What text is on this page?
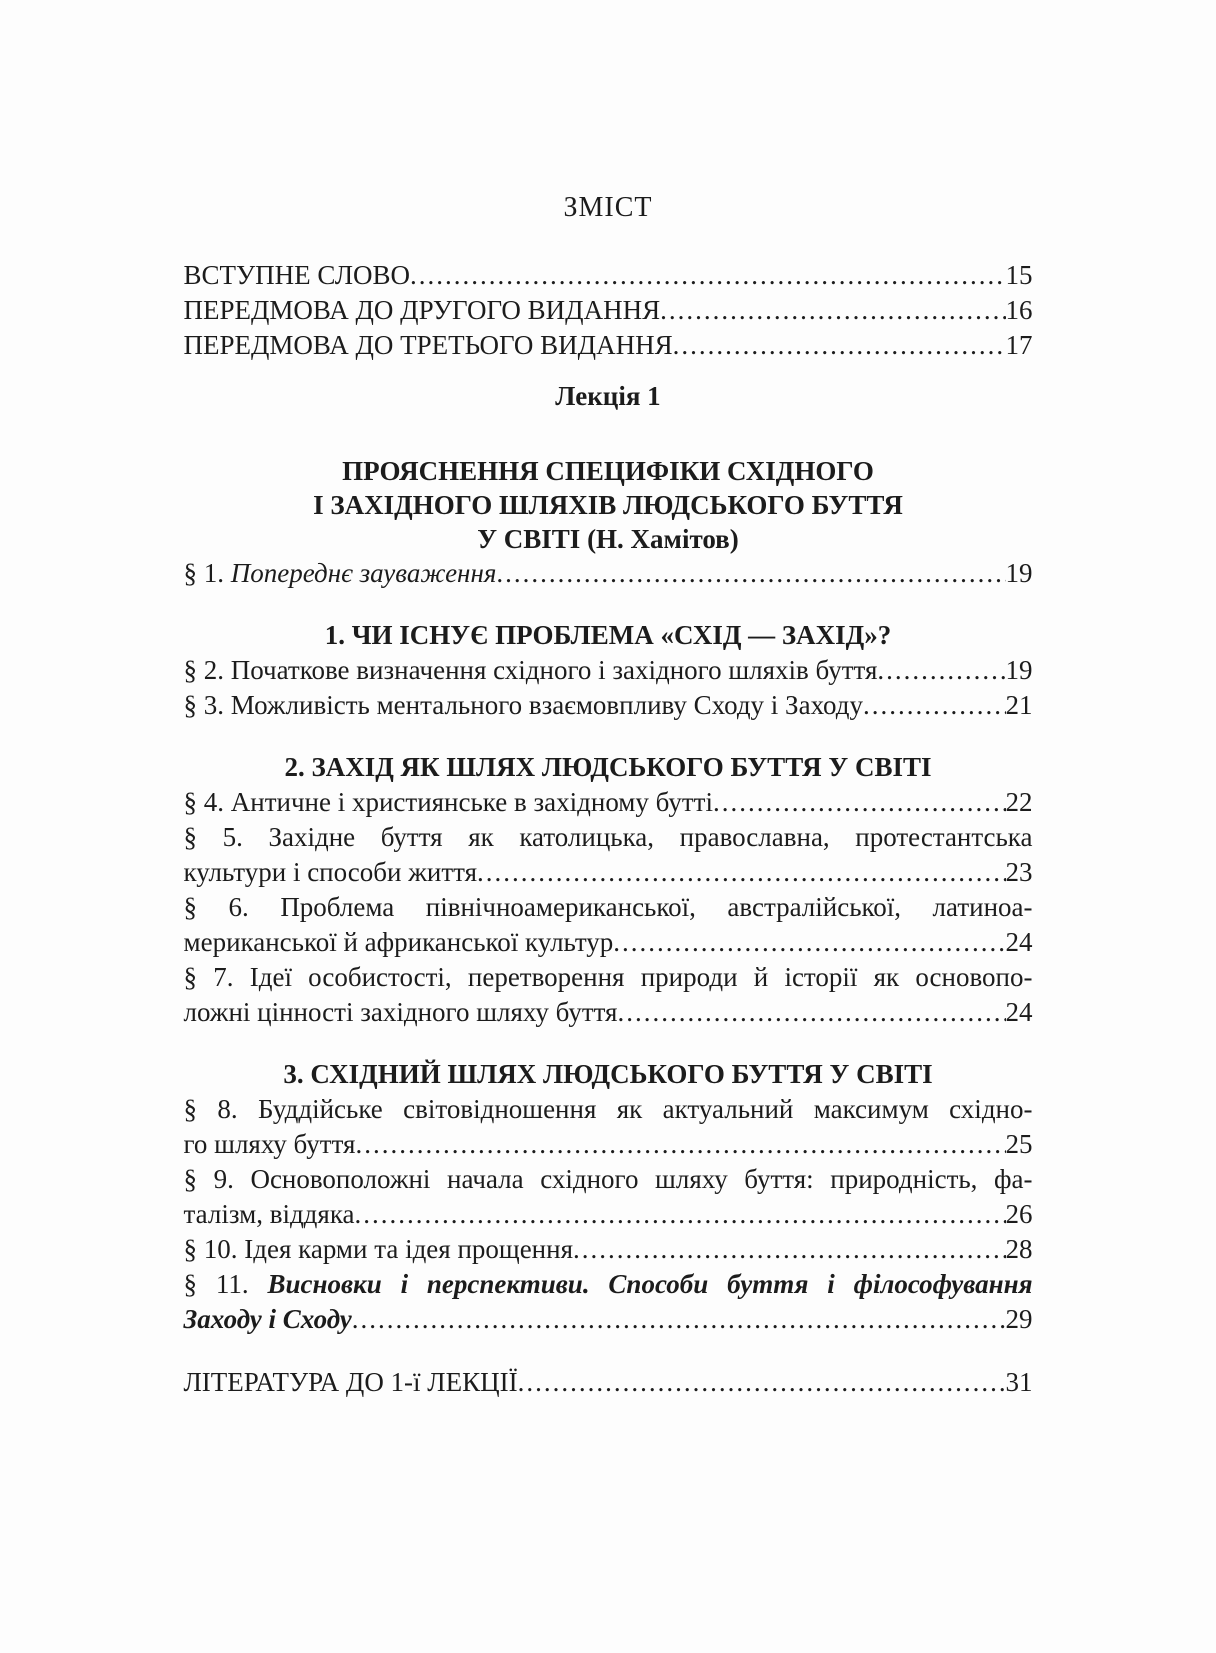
ЗМІСТ
ВСТУПНЕ СЛОВО .....	15
ПЕРЕДМОВА ДО ДРУГОГО ВИДАННЯ .....	16
ПЕРЕДМОВА ДО ТРЕТЬОГО ВИДАННЯ .....	17
Лекція 1
ПРОЯСНЕННЯ СПЕЦИФІКИ СХІДНОГО
І ЗАХІДНОГО ШЛЯХІВ ЛЮДСЬКОГО БУТТЯ
У СВІТІ (Н. Хамітов)
§ 1. Попереднє зауваження .....	19
1. ЧИ ІСНУЄ ПРОБЛЕМА «СХІД — ЗАХІД»?
§ 2. Початкове визначення східного і західного шляхів буття .....	19
§ 3. Можливість ментального взаємовпливу Сходу і Заходу .....	21
2. ЗАХІД ЯК ШЛЯХ ЛЮДСЬКОГО БУТТЯ У СВІТІ
§ 4. Античне і християнське в західному бутті .....	22
§ 5. Західне буття як католицька, православна, протестантська
культури і способи життя .....	23
§ 6. Проблема північноамериканської, австралійської, латиноа-
мериканської й африканської культур .....	24
§ 7. Ідеї особистості, перетворення природи й історії як основопо-
ложні цінності західного шляху буття .....	24
3. СХІДНИЙ ШЛЯХ ЛЮДСЬКОГО БУТТЯ У СВІТІ
§ 8. Буддійське світовідношення як актуальний максимум східно-
го шляху буття .....	25
§ 9. Основоположні начала східного шляху буття: природність, фа-
талізм, віддяка .....	26
§ 10. Ідея карми та ідея прощення .....	28
§ 11. Висновки і перспективи. Способи буття і філософування
Заходу і Сходу .....	29
ЛІТЕРАТУРА ДО 1-ї ЛЕКЦІЇ .....	31
